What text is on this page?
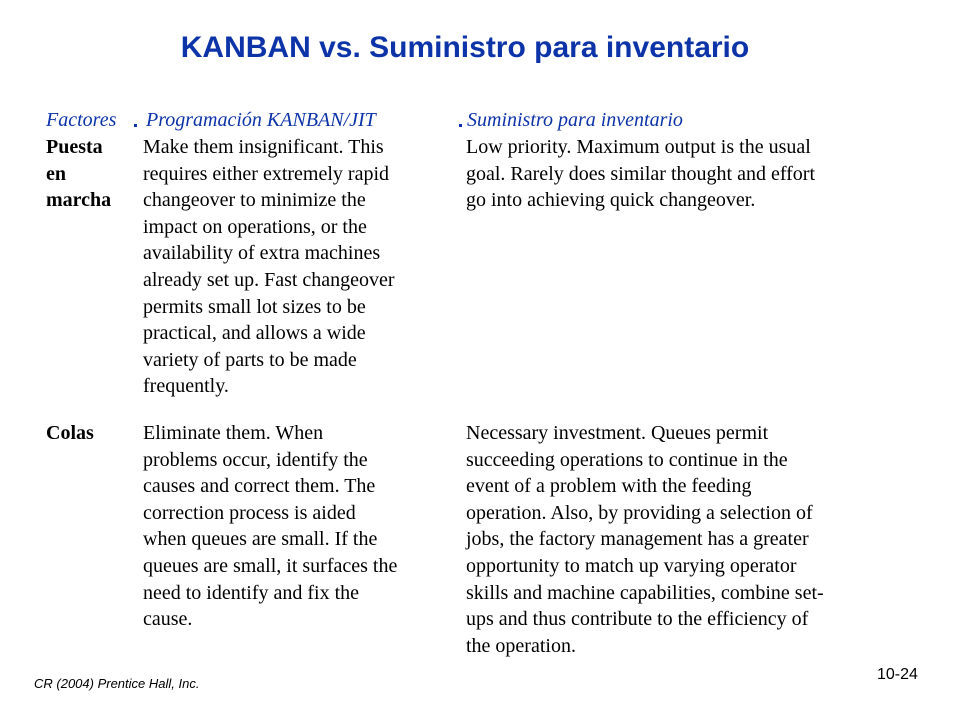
KANBAN vs. Suministro para inventario
Factores Programación KANBAN/JIT	Suministro para inventario
Puesta
en
marcha
Make them insignificant. This
requires either extremely rapid
changeover to minimize the
impact on operations, or the
availability of extra machines
already set up. Fast changeover
permits small lot sizes to be
practical, and allows a wide
variety of parts to be made
frequently.
Low priority. Maximum output is the usual
goal. Rarely does similar thought and effort
go into achieving quick changeover.
Colas	Eliminate them. When
problems occur, identify the
causes and correct them. The
correction process is aided
when queues are small. If the
queues are small, it surfaces the
need to identify and fix the
cause.
Necessary investment. Queues permit
succeeding operations to continue in the
event of a problem with the feeding
operation. Also, by providing a selection of
jobs, the factory management has a greater
opportunity to match up varying operator
skills and machine capabilities, combine set-
ups and thus contribute to the efficiency of
the operation.
CR (2004) Prentice Hall, Inc.
10-24
